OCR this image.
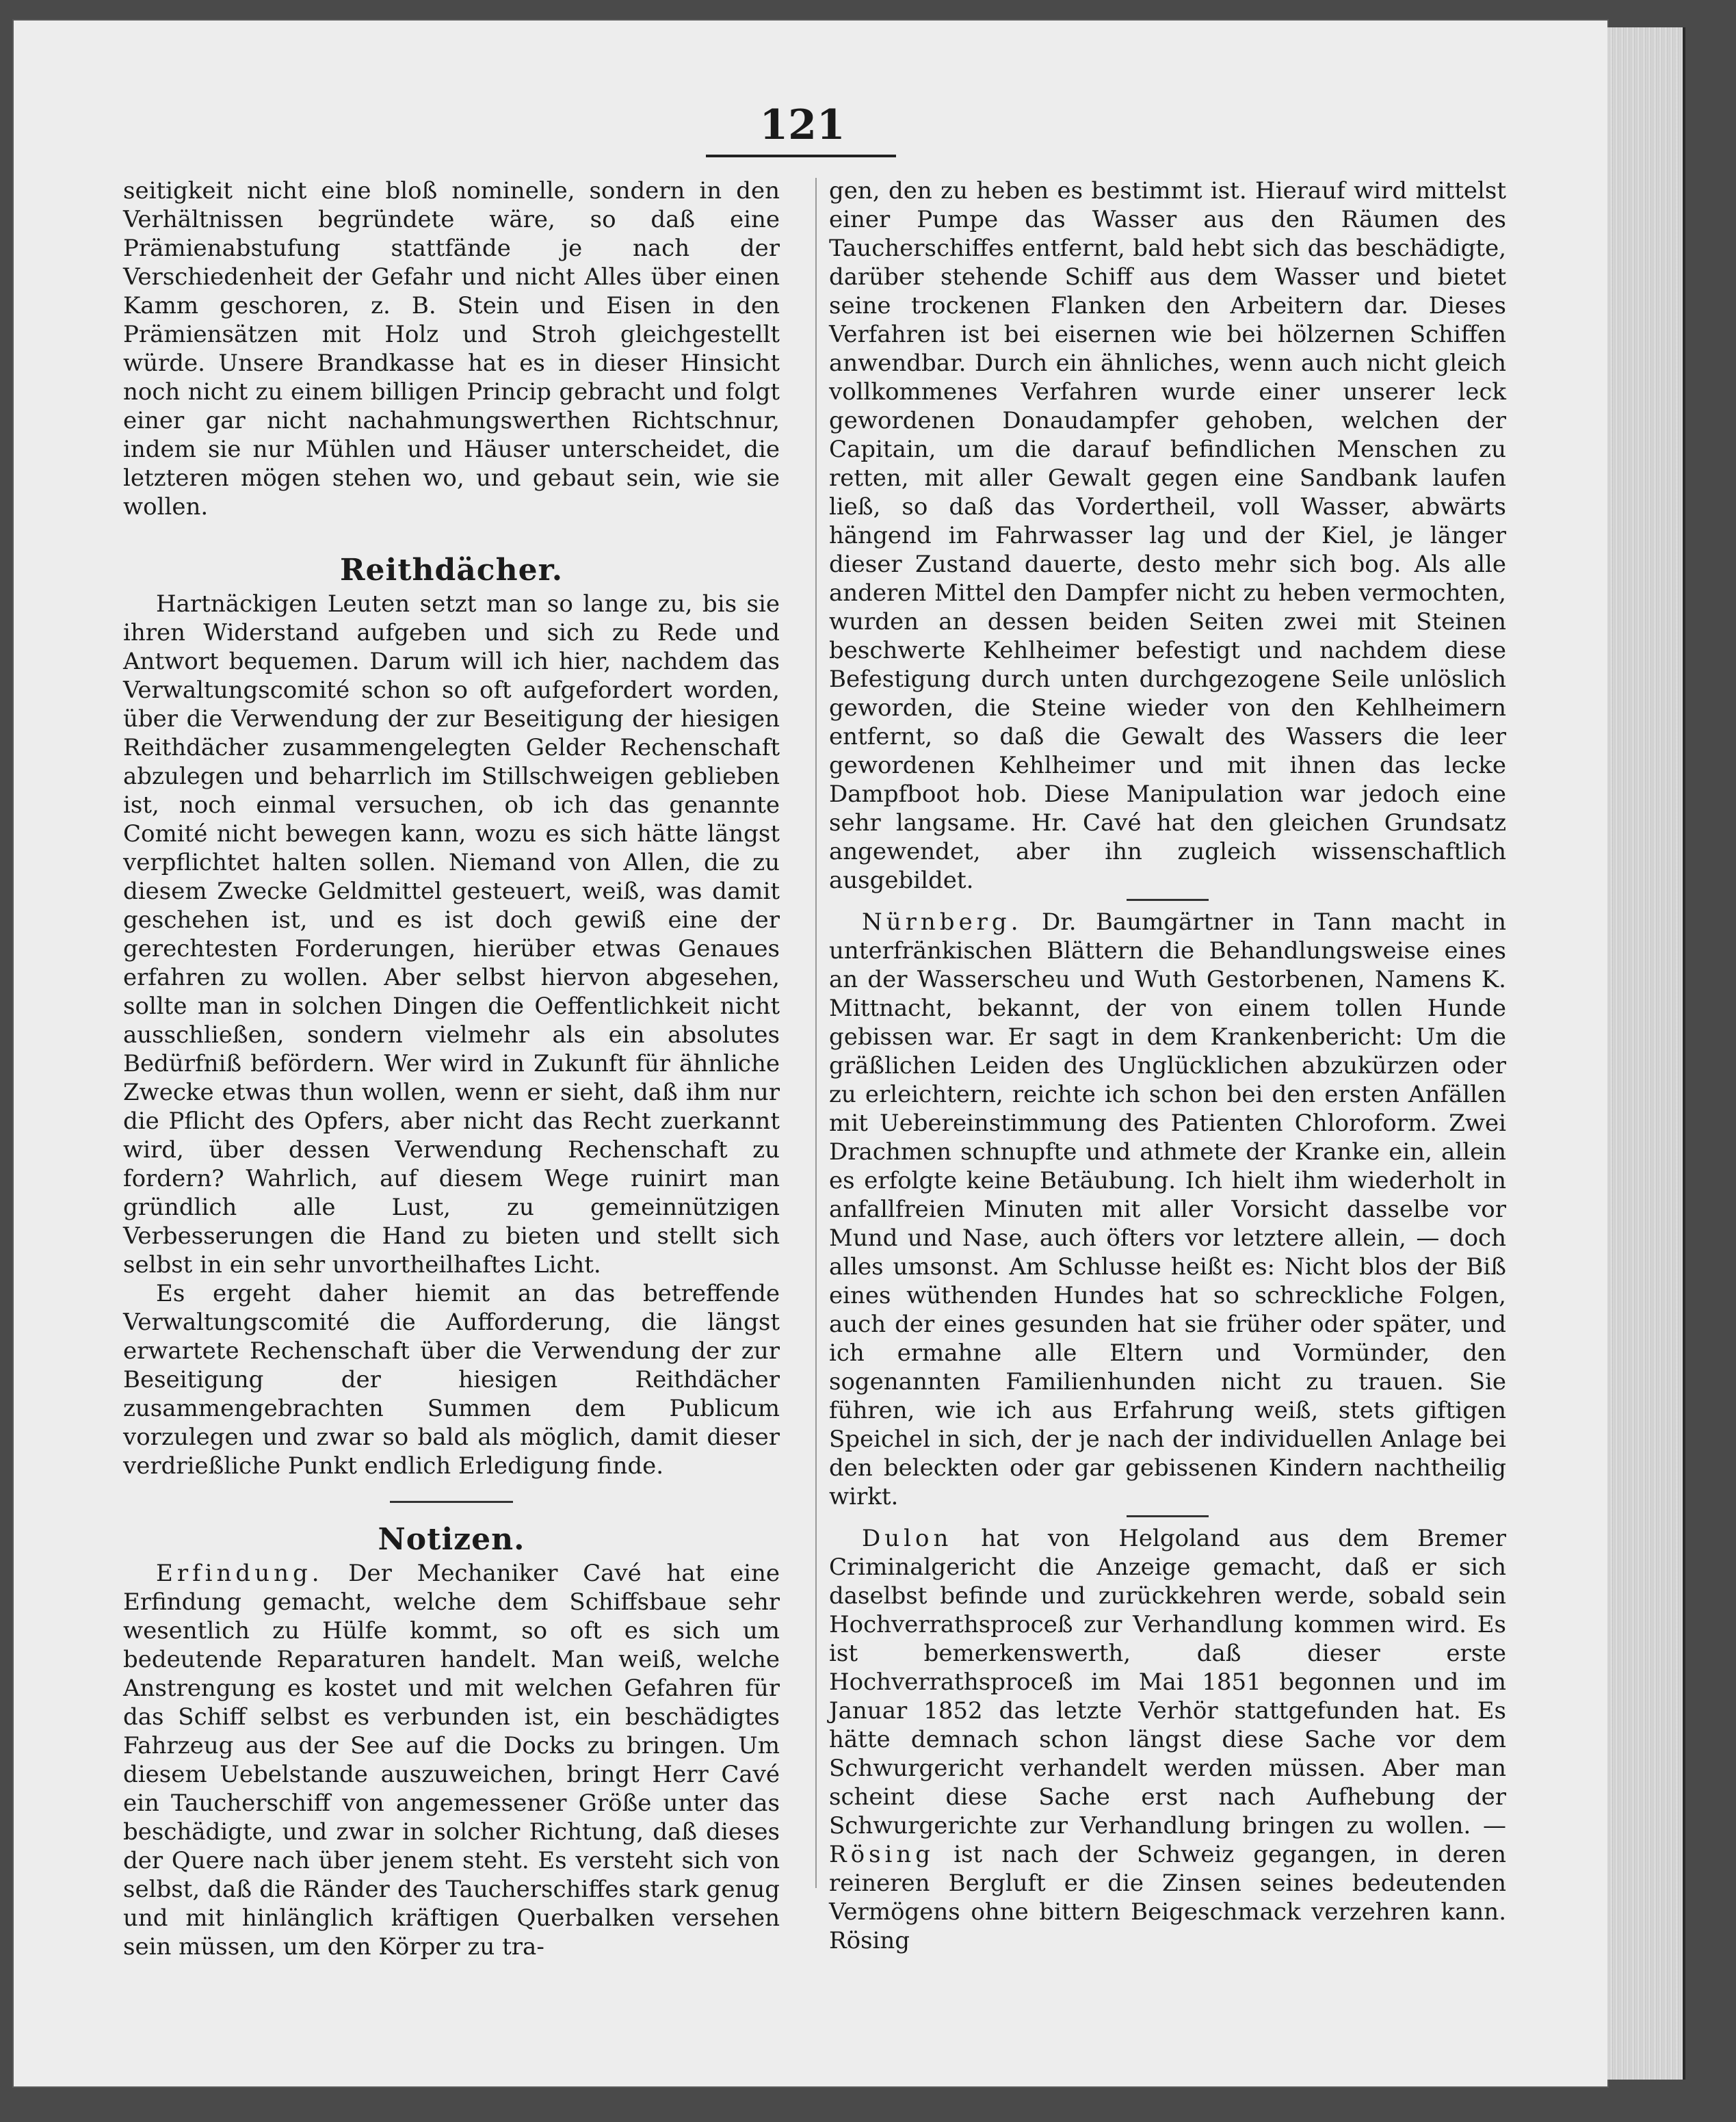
121

seitigkeit nicht eine bloß nominelle, sondern in den Verhältnissen begründete wäre, so daß eine Prämienabstufung stattfände je nach der Verschiedenheit der Gefahr und nicht Alles über einen Kamm geschoren, z. B. Stein und Eisen in den Prämiensätzen mit Holz und Stroh gleichgestellt würde. Unsere Brandkasse hat es in dieser Hinsicht noch nicht zu einem billigen Princip gebracht und folgt einer gar nicht nachahmungswerthen Richtschnur, indem sie nur Mühlen und Häuser unterscheidet, die letzteren mögen stehen wo, und gebaut sein, wie sie wollen.

Reithdächer.

Hartnäckigen Leuten setzt man so lange zu, bis sie ihren Widerstand aufgeben und sich zu Rede und Antwort bequemen. Darum will ich hier, nachdem das Verwaltungscomité schon so oft aufgefordert worden, über die Verwendung der zur Beseitigung der hiesigen Reithdächer zusammengelegten Gelder Rechenschaft abzulegen und beharrlich im Stillschweigen geblieben ist, noch einmal versuchen, ob ich das genannte Comité nicht bewegen kann, wozu es sich hätte längst verpflichtet halten sollen. Niemand von Allen, die zu diesem Zwecke Geldmittel gesteuert, weiß, was damit geschehen ist, und es ist doch gewiß eine der gerechtesten Forderungen, hierüber etwas Genaues erfahren zu wollen. Aber selbst hiervon abgesehen, sollte man in solchen Dingen die Oeffentlichkeit nicht ausschließen, sondern vielmehr als ein absolutes Bedürfniß befördern. Wer wird in Zukunft für ähnliche Zwecke etwas thun wollen, wenn er sieht, daß ihm nur die Pflicht des Opfers, aber nicht das Recht zuerkannt wird, über dessen Verwendung Rechenschaft zu fordern? Wahrlich, auf diesem Wege ruinirt man gründlich alle Lust, zu gemeinnützigen Verbesserungen die Hand zu bieten und stellt sich selbst in ein sehr unvortheilhaftes Licht.

Es ergeht daher hiemit an das betreffende Verwaltungscomité die Aufforderung, die längst erwartete Rechenschaft über die Verwendung der zur Beseitigung der hiesigen Reithdächer zusammengebrachten Summen dem Publicum vorzulegen und zwar so bald als möglich, damit dieser verdrießliche Punkt endlich Erledigung finde.

Notizen.

Erfindung. Der Mechaniker Cavé hat eine Erfindung gemacht, welche dem Schiffsbaue sehr wesentlich zu Hülfe kommt, so oft es sich um bedeutende Reparaturen handelt. Man weiß, welche Anstrengung es kostet und mit welchen Gefahren für das Schiff selbst es verbunden ist, ein beschädigtes Fahrzeug aus der See auf die Docks zu bringen. Um diesem Uebelstande auszuweichen, bringt Herr Cavé ein Taucherschiff von angemessener Größe unter das beschädigte, und zwar in solcher Richtung, daß dieses der Quere nach über jenem steht. Es versteht sich von selbst, daß die Ränder des Taucherschiffes stark genug und mit hinlänglich kräftigen Querbalken versehen sein müssen, um den Körper zu tra-

gen, den zu heben es bestimmt ist. Hierauf wird mittelst einer Pumpe das Wasser aus den Räumen des Taucherschiffes entfernt, bald hebt sich das beschädigte, darüber stehende Schiff aus dem Wasser und bietet seine trockenen Flanken den Arbeitern dar. Dieses Verfahren ist bei eisernen wie bei hölzernen Schiffen anwendbar. Durch ein ähnliches, wenn auch nicht gleich vollkommenes Verfahren wurde einer unserer leck gewordenen Donaudampfer gehoben, welchen der Capitain, um die darauf befindlichen Menschen zu retten, mit aller Gewalt gegen eine Sandbank laufen ließ, so daß das Vordertheil, voll Wasser, abwärts hängend im Fahrwasser lag und der Kiel, je länger dieser Zustand dauerte, desto mehr sich bog. Als alle anderen Mittel den Dampfer nicht zu heben vermochten, wurden an dessen beiden Seiten zwei mit Steinen beschwerte Kehlheimer befestigt und nachdem diese Befestigung durch unten durchgezogene Seile unlöslich geworden, die Steine wieder von den Kehlheimern entfernt, so daß die Gewalt des Wassers die leer gewordenen Kehlheimer und mit ihnen das lecke Dampfboot hob. Diese Manipulation war jedoch eine sehr langsame. Hr. Cavé hat den gleichen Grundsatz angewendet, aber ihn zugleich wissenschaftlich ausgebildet.

Nürnberg. Dr. Baumgärtner in Tann macht in unterfränkischen Blättern die Behandlungsweise eines an der Wasserscheu und Wuth Gestorbenen, Namens K. Mittnacht, bekannt, der von einem tollen Hunde gebissen war. Er sagt in dem Krankenbericht: Um die gräßlichen Leiden des Unglücklichen abzukürzen oder zu erleichtern, reichte ich schon bei den ersten Anfällen mit Uebereinstimmung des Patienten Chloroform. Zwei Drachmen schnupfte und athmete der Kranke ein, allein es erfolgte keine Betäubung. Ich hielt ihm wiederholt in anfallfreien Minuten mit aller Vorsicht dasselbe vor Mund und Nase, auch öfters vor letztere allein, — doch alles umsonst. Am Schlusse heißt es: Nicht blos der Biß eines wüthenden Hundes hat so schreckliche Folgen, auch der eines gesunden hat sie früher oder später, und ich ermahne alle Eltern und Vormünder, den sogenannten Familienhunden nicht zu trauen. Sie führen, wie ich aus Erfahrung weiß, stets giftigen Speichel in sich, der je nach der individuellen Anlage bei den beleckten oder gar gebissenen Kindern nachtheilig wirkt.

Dulon hat von Helgoland aus dem Bremer Criminalgericht die Anzeige gemacht, daß er sich daselbst befinde und zurückkehren werde, sobald sein Hochverrathsproceß zur Verhandlung kommen wird. Es ist bemerkenswerth, daß dieser erste Hochverrathsproceß im Mai 1851 begonnen und im Januar 1852 das letzte Verhör stattgefunden hat. Es hätte demnach schon längst diese Sache vor dem Schwurgericht verhandelt werden müssen. Aber man scheint diese Sache erst nach Aufhebung der Schwurgerichte zur Verhandlung bringen zu wollen. — Rösing ist nach der Schweiz gegangen, in deren reineren Bergluft er die Zinsen seines bedeutenden Vermögens ohne bittern Beigeschmack verzehren kann. Rösing
